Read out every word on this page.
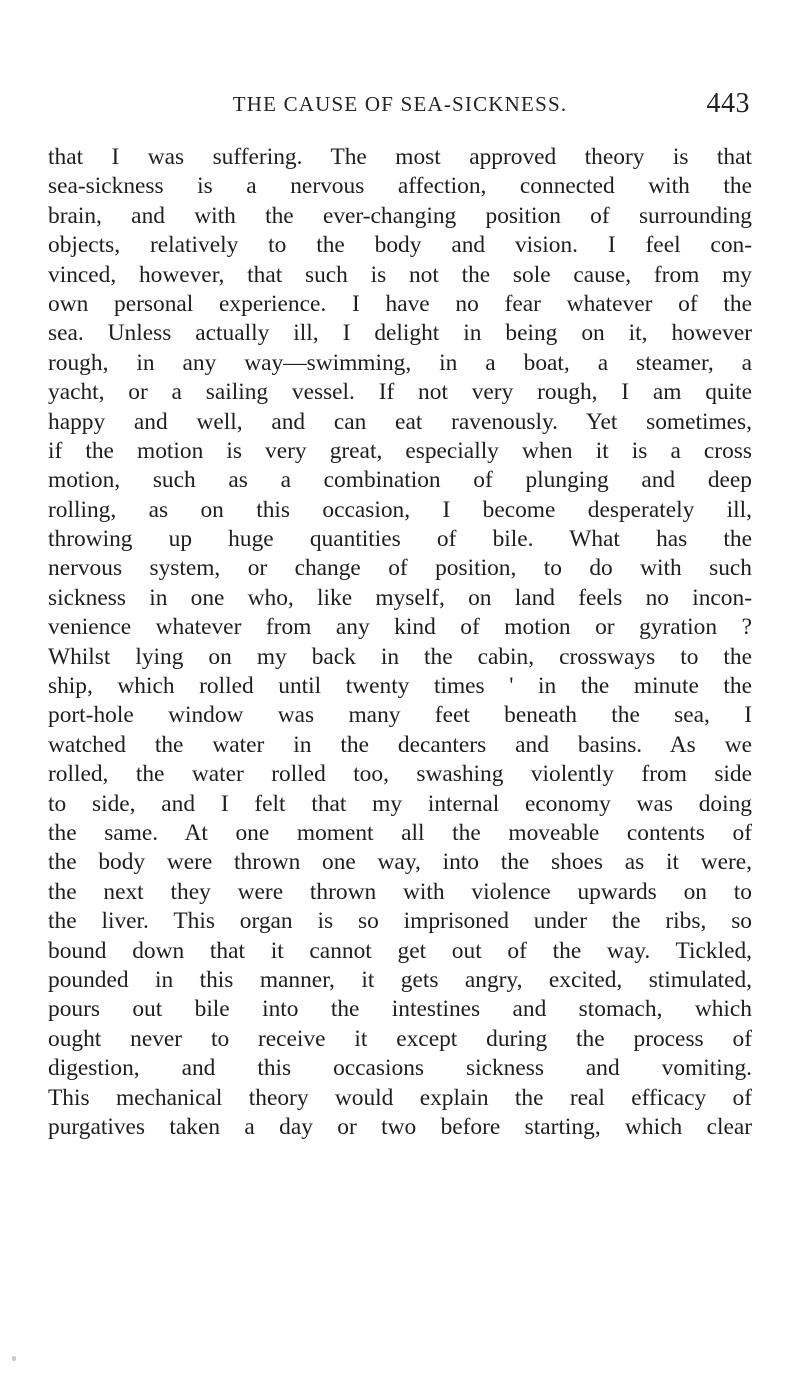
THE CAUSE OF SEA-SICKNESS.	443
that I was suffering. The most approved theory is that
sea-sickness is a nervous affection, connected with the
brain, and with the ever-changing position of surrounding
objects, relatively to the body and vision. I feel con-
vinced, however, that such is not the sole cause, from my
own personal experience. I have no fear whatever of the
sea. Unless actually ill, I delight in being on it, however
rough, in any way—swimming, in a boat, a steamer, a
yacht, or a sailing vessel. If not very rough, I am quite
happy and well, and can eat ravenously. Yet sometimes,
if the motion is very great, especially when it is a cross
motion, such as a combination of plunging and deep
rolling, as on this occasion, I become desperately ill,
throwing up huge quantities of bile. What has the
nervous system, or change of position, to do with such
sickness in one who, like myself, on land feels no incon-
venience whatever from any kind of motion or gyration ?
Whilst lying on my back in the cabin, crossways to the
ship, which rolled until twenty times ' in the minute the
port-hole window was many feet beneath the sea, I
watched the water in the decanters and basins. As we
rolled, the water rolled too, swashing violently from side
to side, and I felt that my internal economy was doing
the same. At one moment all the moveable contents of
the body were thrown one way, into the shoes as it were,
the next they were thrown with violence upwards on to
the liver. This organ is so imprisoned under the ribs, so
bound down that it cannot get out of the way. Tickled,
pounded in this manner, it gets angry, excited, stimulated,
pours out bile into the intestines and stomach, which
ought never to receive it except during the process of
digestion, and this occasions sickness and vomiting.
This mechanical theory would explain the real efficacy of
purgatives taken a day or two before starting, which clear
